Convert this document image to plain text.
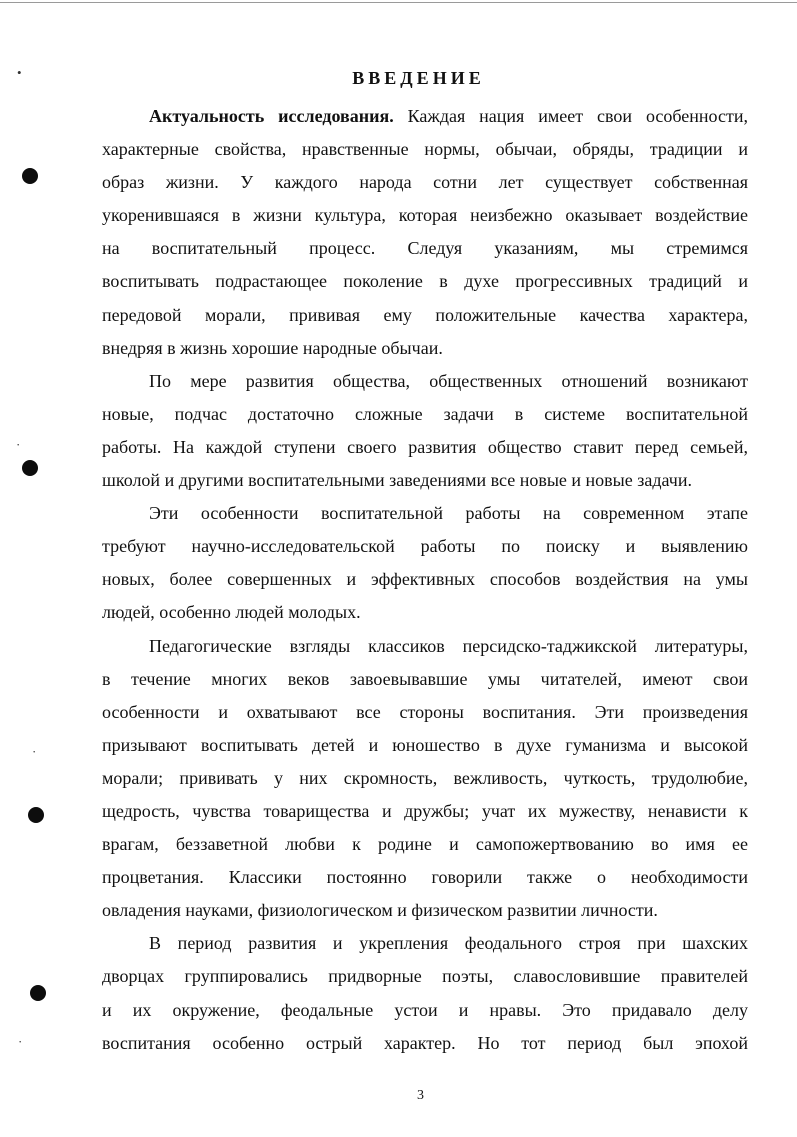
•
·
·
·
ВВЕДЕНИЕ

Актуальность исследования. Каждая нация имеет свои особенности,
характерные свойства, нравственные нормы, обычаи, обряды, традиции и
образ жизни. У каждого народа сотни лет существует собственная
укоренившаяся в жизни культура, которая неизбежно оказывает воздействие
на воспитательный процесс. Следуя указаниям, мы стремимся
воспитывать подрастающее поколение в духе прогрессивных традиций и
передовой морали, прививая ему положительные качества характера,
внедряя в жизнь хорошие народные обычаи.

По мере развития общества, общественных отношений возникают
новые, подчас достаточно сложные задачи в системе воспитательной
работы. На каждой ступени своего развития общество ставит перед семьей,
школой и другими воспитательными заведениями все новые и новые задачи.

Эти особенности воспитательной работы на современном этапе
требуют научно-исследовательской работы по поиску и выявлению
новых, более совершенных и эффективных способов воздействия на умы
людей, особенно людей молодых.

Педагогические взгляды классиков персидско-таджикской литературы,
в течение многих веков завоевывавшие умы читателей, имеют свои
особенности и охватывают все стороны воспитания. Эти произведения
призывают воспитывать детей и юношество в духе гуманизма и высокой
морали; прививать у них скромность, вежливость, чуткость, трудолюбие,
щедрость, чувства товарищества и дружбы; учат их мужеству, ненависти к
врагам, беззаветной любви к родине и самопожертвованию во имя ее
процветания. Классики постоянно говорили также о необходимости
овладения науками, физиологическом и физическом развитии личности.

В период развития и укрепления феодального строя при шахских
дворцах группировались придворные поэты, славословившие правителей
и их окружение, феодальные устои и нравы. Это придавало делу
воспитания особенно острый характер. Но тот период был эпохой

3
